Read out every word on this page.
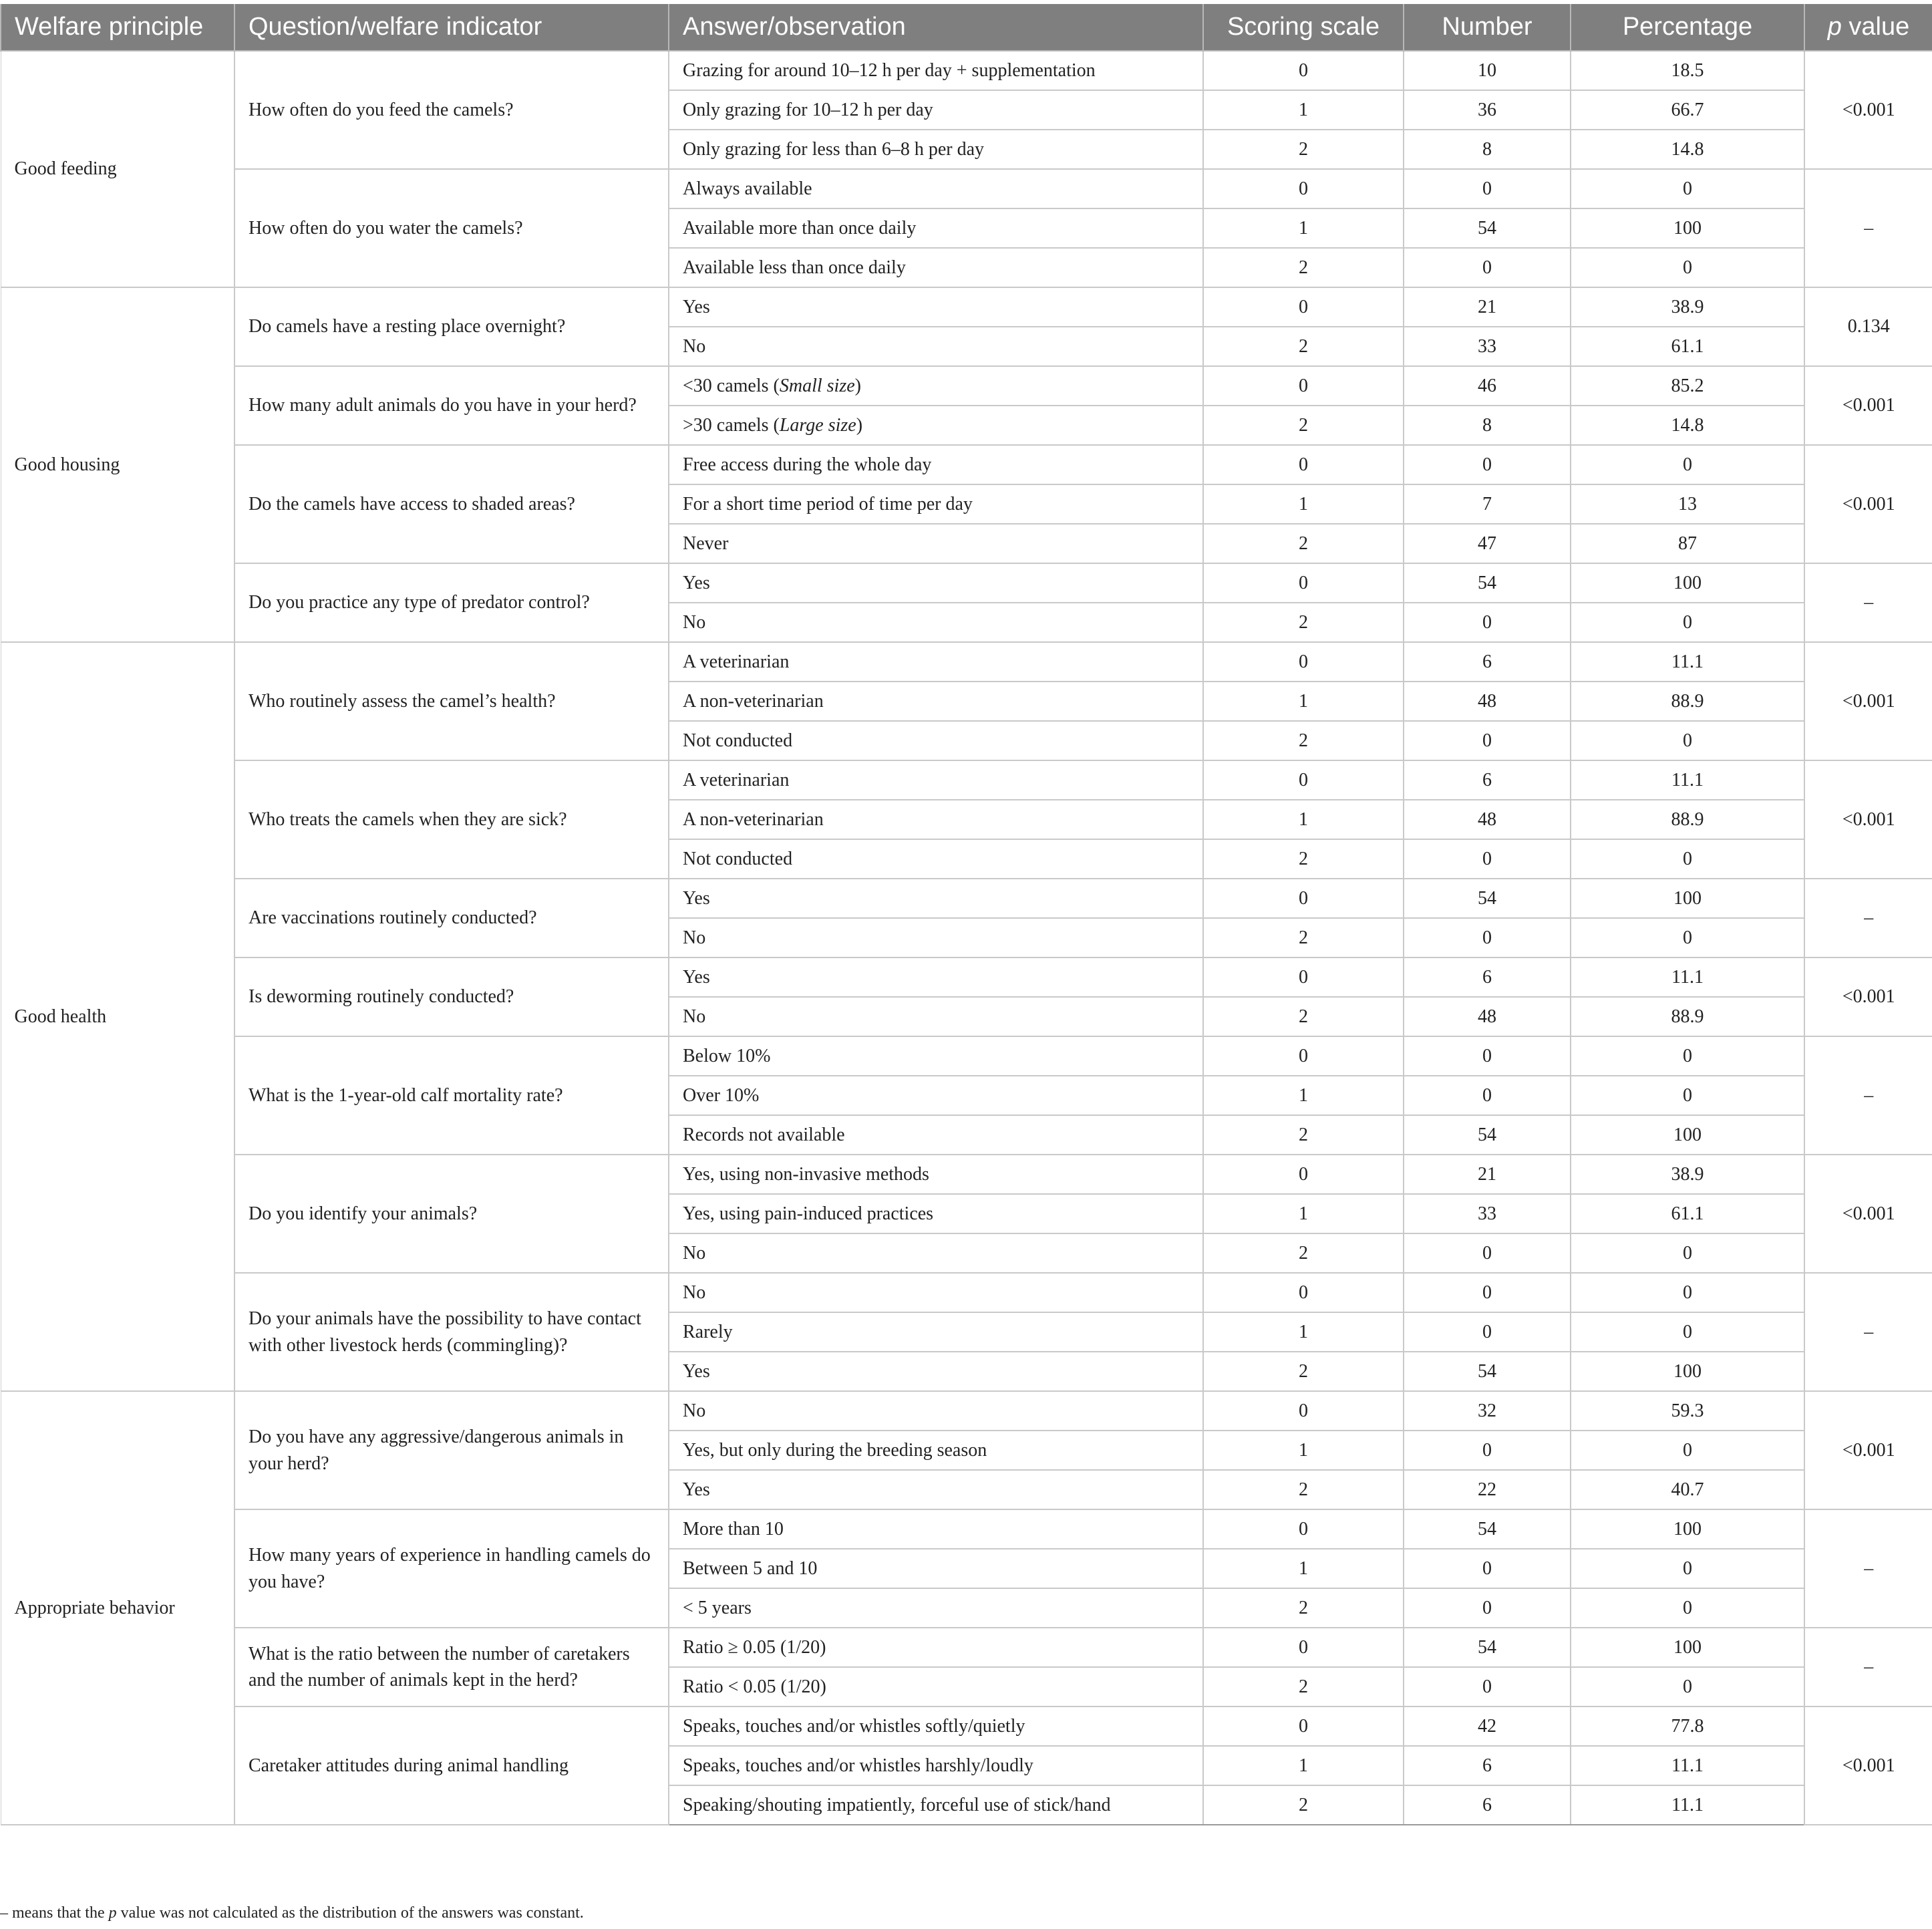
Welfare principle	Question/welfare indicator	Answer/observation	Scoring scale	Number	Percentage	p value
Good feeding	How often do you feed the camels?	Grazing for around 10–12 h per day + supplementation	0	10	18.5	<0.001
		Only grazing for 10–12 h per day	1	36	66.7	
		Only grazing for less than 6–8 h per day	2	8	14.8	
	How often do you water the camels?	Always available	0	0	0	–
		Available more than once daily	1	54	100	
		Available less than once daily	2	0	0	
Good housing	Do camels have a resting place overnight?	Yes	0	21	38.9	0.134
		No	2	33	61.1	
	How many adult animals do you have in your herd?	<30 camels (Small size)	0	46	85.2	<0.001
		>30 camels (Large size)	2	8	14.8	
	Do the camels have access to shaded areas?	Free access during the whole day	0	0	0	<0.001
		For a short time period of time per day	1	7	13	
		Never	2	47	87	
	Do you practice any type of predator control?	Yes	0	54	100	–
		No	2	0	0	
Good health	Who routinely assess the camel’s health?	A veterinarian	0	6	11.1	<0.001
		A non-veterinarian	1	48	88.9	
		Not conducted	2	0	0	
	Who treats the camels when they are sick?	A veterinarian	0	6	11.1	<0.001
		A non-veterinarian	1	48	88.9	
		Not conducted	2	0	0	
	Are vaccinations routinely conducted?	Yes	0	54	100	–
		No	2	0	0	
	Is deworming routinely conducted?	Yes	0	6	11.1	<0.001
		No	2	48	88.9	
	What is the 1-year-old calf mortality rate?	Below 10%	0	0	0	–
		Over 10%	1	0	0	
		Records not available	2	54	100	
	Do you identify your animals?	Yes, using non-invasive methods	0	21	38.9	<0.001
		Yes, using pain-induced practices	1	33	61.1	
		No	2	0	0	
	Do your animals have the possibility to have contact with other livestock herds (commingling)?	No	0	0	0	–
		Rarely	1	0	0	
		Yes	2	54	100	
Appropriate behavior	Do you have any aggressive/dangerous animals in your herd?	No	0	32	59.3	<0.001
		Yes, but only during the breeding season	1	0	0	
		Yes	2	22	40.7	
	How many years of experience in handling camels do you have?	More than 10	0	54	100	–
		Between 5 and 10	1	0	0	
		< 5 years	2	0	0	
	What is the ratio between the number of caretakers and the number of animals kept in the herd?	Ratio ≥ 0.05 (1/20)	0	54	100	–
		Ratio < 0.05 (1/20)	2	0	0	
	Caretaker attitudes during animal handling	Speaks, touches and/or whistles softly/quietly	0	42	77.8	<0.001
		Speaks, touches and/or whistles harshly/loudly	1	6	11.1	
		Speaking/shouting impatiently, forceful use of stick/hand	2	6	11.1	
– means that the p value was not calculated as the distribution of the answers was constant.
